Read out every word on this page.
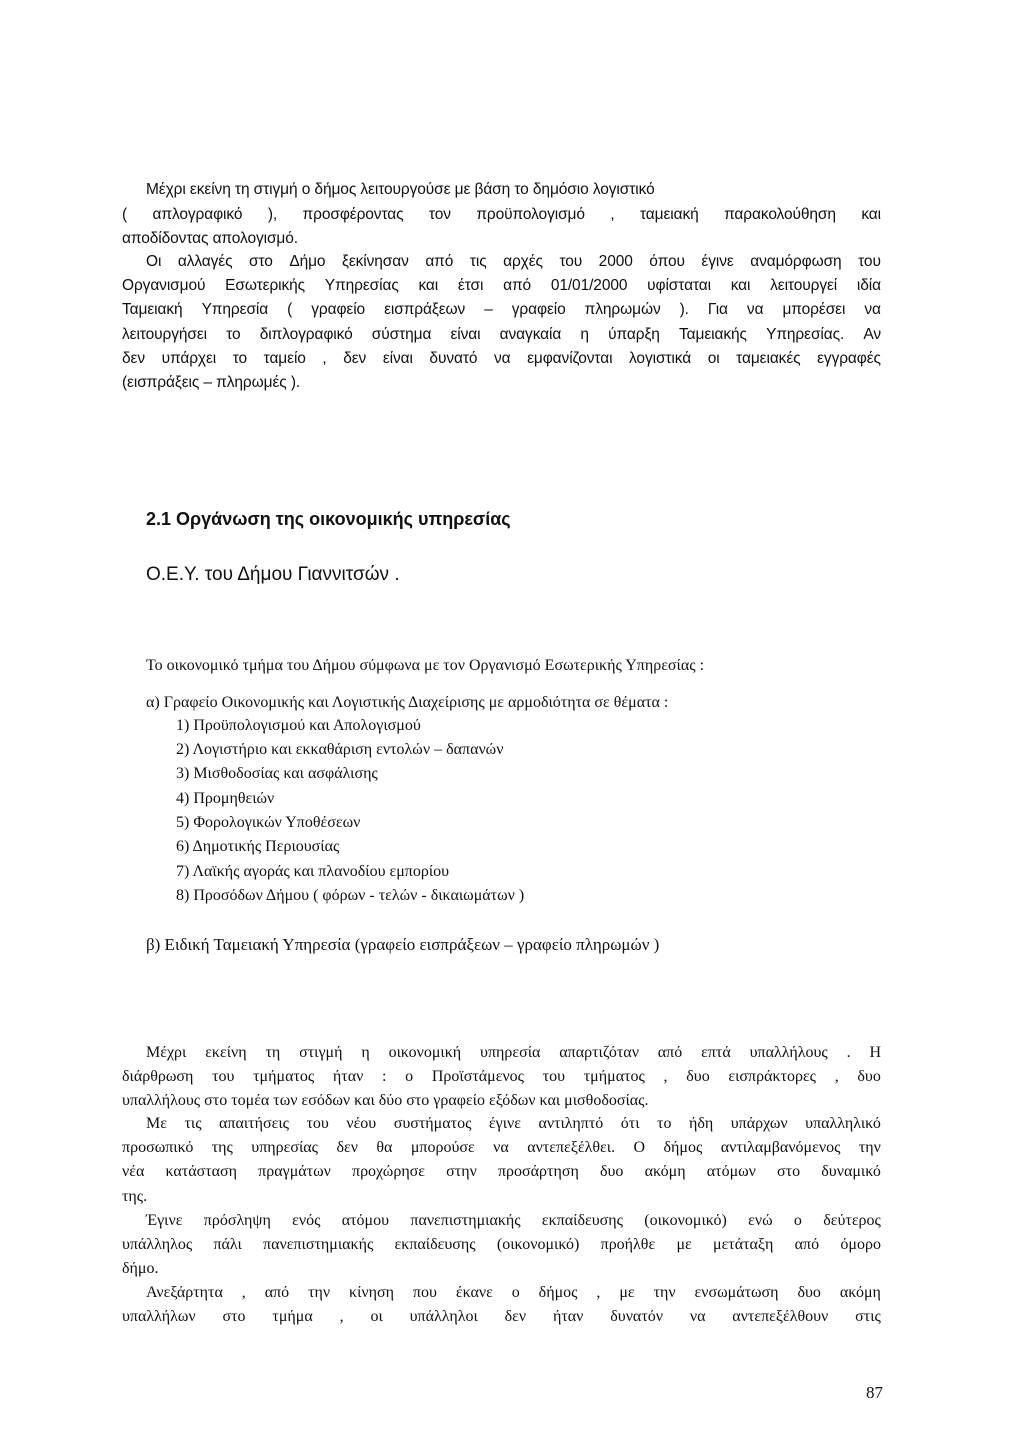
Μέχρι εκείνη τη στιγμή ο δήμος λειτουργούσε με βάση το δημόσιο λογιστικό
( απλογραφικό ), προσφέροντας τον προϋπολογισμό , ταμειακή παρακολούθηση και
αποδίδοντας απολογισμό.
Οι αλλαγές στο Δήμο ξεκίνησαν από τις αρχές του 2000 όπου έγινε αναμόρφωση του
Οργανισμού Εσωτερικής Υπηρεσίας και έτσι από 01/01/2000 υφίσταται και λειτουργεί ιδία
Ταμειακή Υπηρεσία ( γραφείο εισπράξεων – γραφείο πληρωμών ). Για να μπορέσει να
λειτουργήσει το διπλογραφικό σύστημα είναι αναγκαία η ύπαρξη Ταμειακής Υπηρεσίας. Αν
δεν υπάρχει το ταμείο , δεν είναι δυνατό να εμφανίζονται λογιστικά οι ταμειακές εγγραφές
(εισπράξεις – πληρωμές ).
2.1 Οργάνωση της οικονομικής υπηρεσίας
Ο.Ε.Υ. του Δήμου Γιαννιτσών .
Το οικονομικό τμήμα του Δήμου σύμφωνα με τον Οργανισμό Εσωτερικής Υπηρεσίας :
α) Γραφείο Οικονομικής και Λογιστικής Διαχείρισης με αρμοδιότητα σε θέματα :
1) Προϋπολογισμού και Απολογισμού
2) Λογιστήριο και εκκαθάριση εντολών – δαπανών
3) Μισθοδοσίας και ασφάλισης
4) Προμηθειών
5) Φορολογικών Υποθέσεων
6) Δημοτικής Περιουσίας
7) Λαϊκής αγοράς και πλανοδίου εμπορίου
8) Προσόδων Δήμου ( φόρων - τελών - δικαιωμάτων )
β) Ειδική Ταμειακή Υπηρεσία (γραφείο εισπράξεων – γραφείο πληρωμών )
Μέχρι εκείνη τη στιγμή η οικονομική υπηρεσία απαρτιζόταν από επτά υπαλλήλους . Η
διάρθρωση του τμήματος ήταν : ο Προϊστάμενος του τμήματος , δυο εισπράκτορες , δυο
υπαλλήλους στο τομέα των εσόδων και δύο στο γραφείο εξόδων και μισθοδοσίας.
Με τις απαιτήσεις του νέου συστήματος έγινε αντιληπτό ότι το ήδη υπάρχων υπαλληλικό
προσωπικό της υπηρεσίας δεν θα μπορούσε να αντεπεξέλθει. Ο δήμος αντιλαμβανόμενος την
νέα κατάσταση πραγμάτων προχώρησε στην προσάρτηση δυο ακόμη ατόμων στο δυναμικό
της.
Έγινε πρόσληψη ενός ατόμου πανεπιστημιακής εκπαίδευσης (οικονομικό) ενώ ο δεύτερος
υπάλληλος πάλι πανεπιστημιακής εκπαίδευσης (οικονομικό) προήλθε με μετάταξη από όμορο
δήμο.
Ανεξάρτητα , από την κίνηση που έκανε ο δήμος , με την ενσωμάτωση δυο ακόμη
υπαλλήλων στο τμήμα , οι υπάλληλοι δεν ήταν δυνατόν να αντεπεξέλθουν στις
87
